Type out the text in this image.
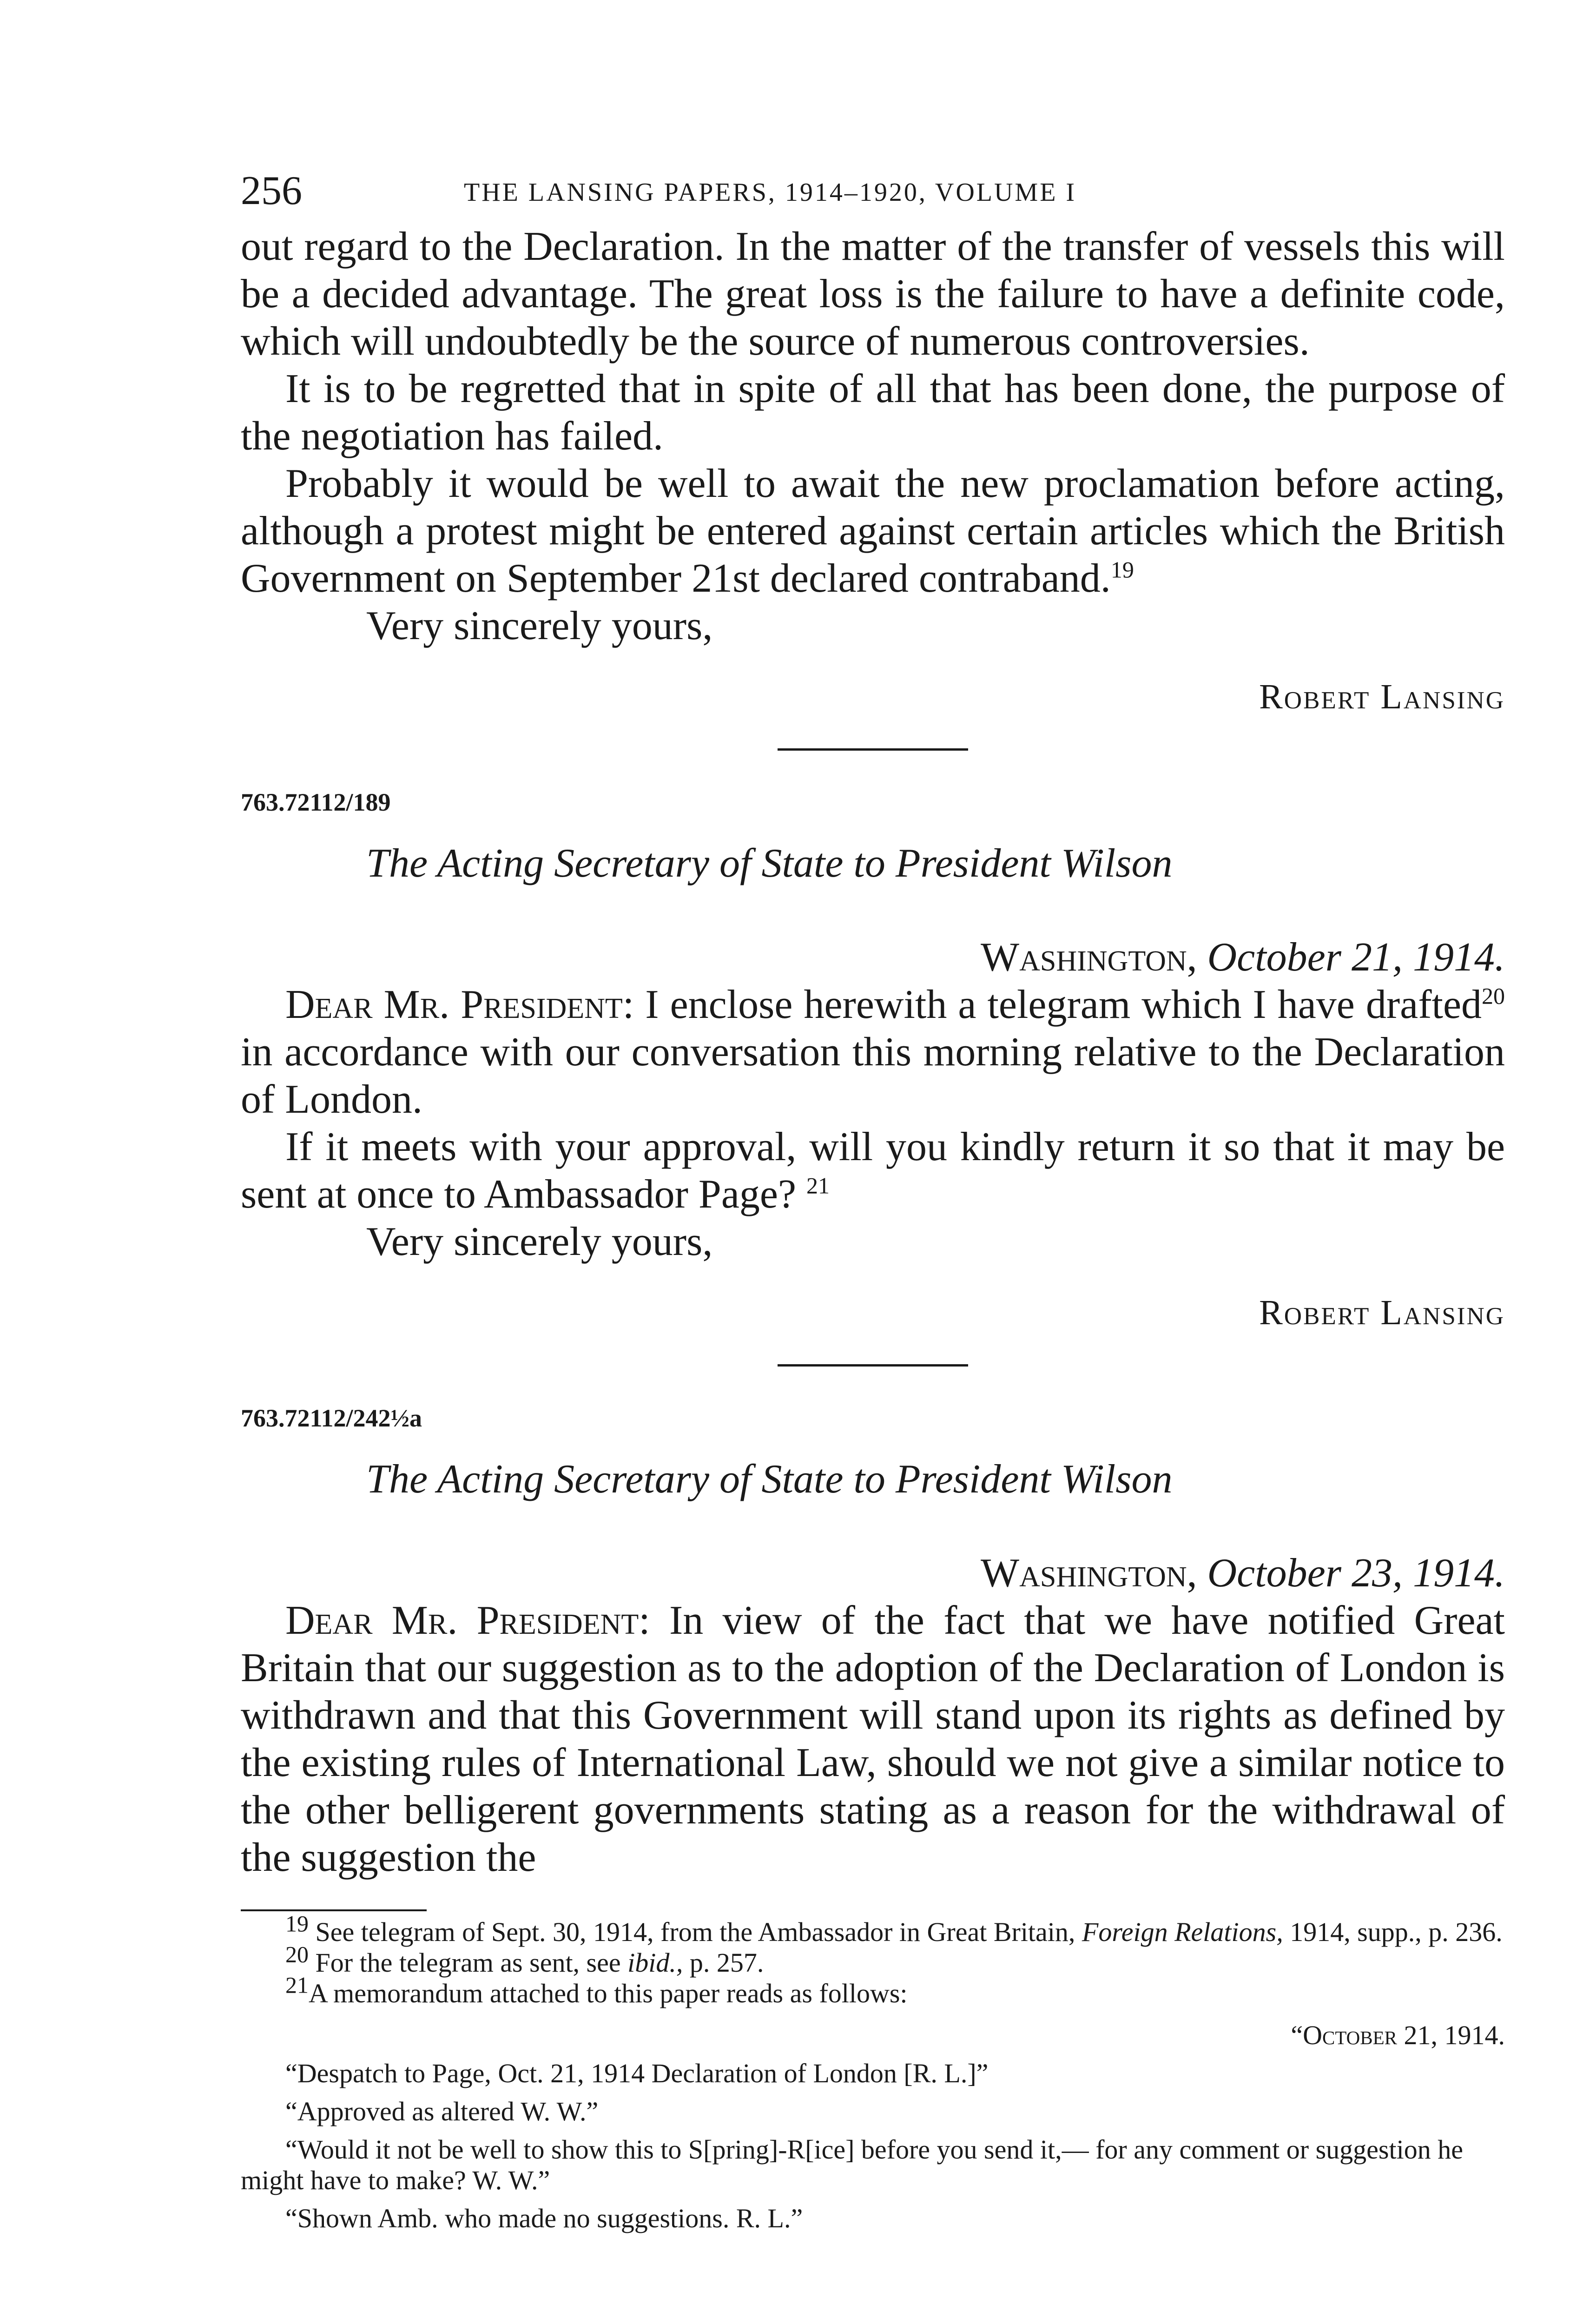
256	THE LANSING PAPERS, 1914–1920, VOLUME I

out regard to the Declaration. In the matter of the transfer of vessels this will be a decided advantage. The great loss is the failure to have a definite code, which will undoubtedly be the source of numerous controversies.

It is to be regretted that in spite of all that has been done, the purpose of the negotiation has failed.

Probably it would be well to await the new proclamation before acting, although a protest might be entered against certain articles which the British Government on September 21st declared contraband.$^{19}$

Very sincerely yours,

Robert Lansing
763.72112/189
The Acting Secretary of State to President Wilson
Washington, October 21, 1914.

Dear Mr. President: I enclose herewith a telegram which I have drafted$^{20}$ in accordance with our conversation this morning relative to the Declaration of London.

If it meets with your approval, will you kindly return it so that it may be sent at once to Ambassador Page? $^{21}$

Very sincerely yours,

Robert Lansing
763.72112/242½a
The Acting Secretary of State to President Wilson
Washington, October 23, 1914.

Dear Mr. President: In view of the fact that we have notified Great Britain that our suggestion as to the adoption of the Declaration of London is withdrawn and that this Government will stand upon its rights as defined by the existing rules of International Law, should we not give a similar notice to the other belligerent governments stating as a reason for the withdrawal of the suggestion the

$^{19}$ See telegram of Sept. 30, 1914, from the Ambassador in Great Britain, Foreign Relations, 1914, supp., p. 236.

$^{20}$ For the telegram as sent, see ibid., p. 257.

$^{21}$A memorandum attached to this paper reads as follows:

“October 21, 1914.

“Despatch to Page, Oct. 21, 1914 Declaration of London [R. L.]”

“Approved as altered W. W.”

“Would it not be well to show this to S[pring]-R[ice] before you send it,— for any comment or suggestion he might have to make? W. W.”

“Shown Amb. who made no suggestions. R. L.”
